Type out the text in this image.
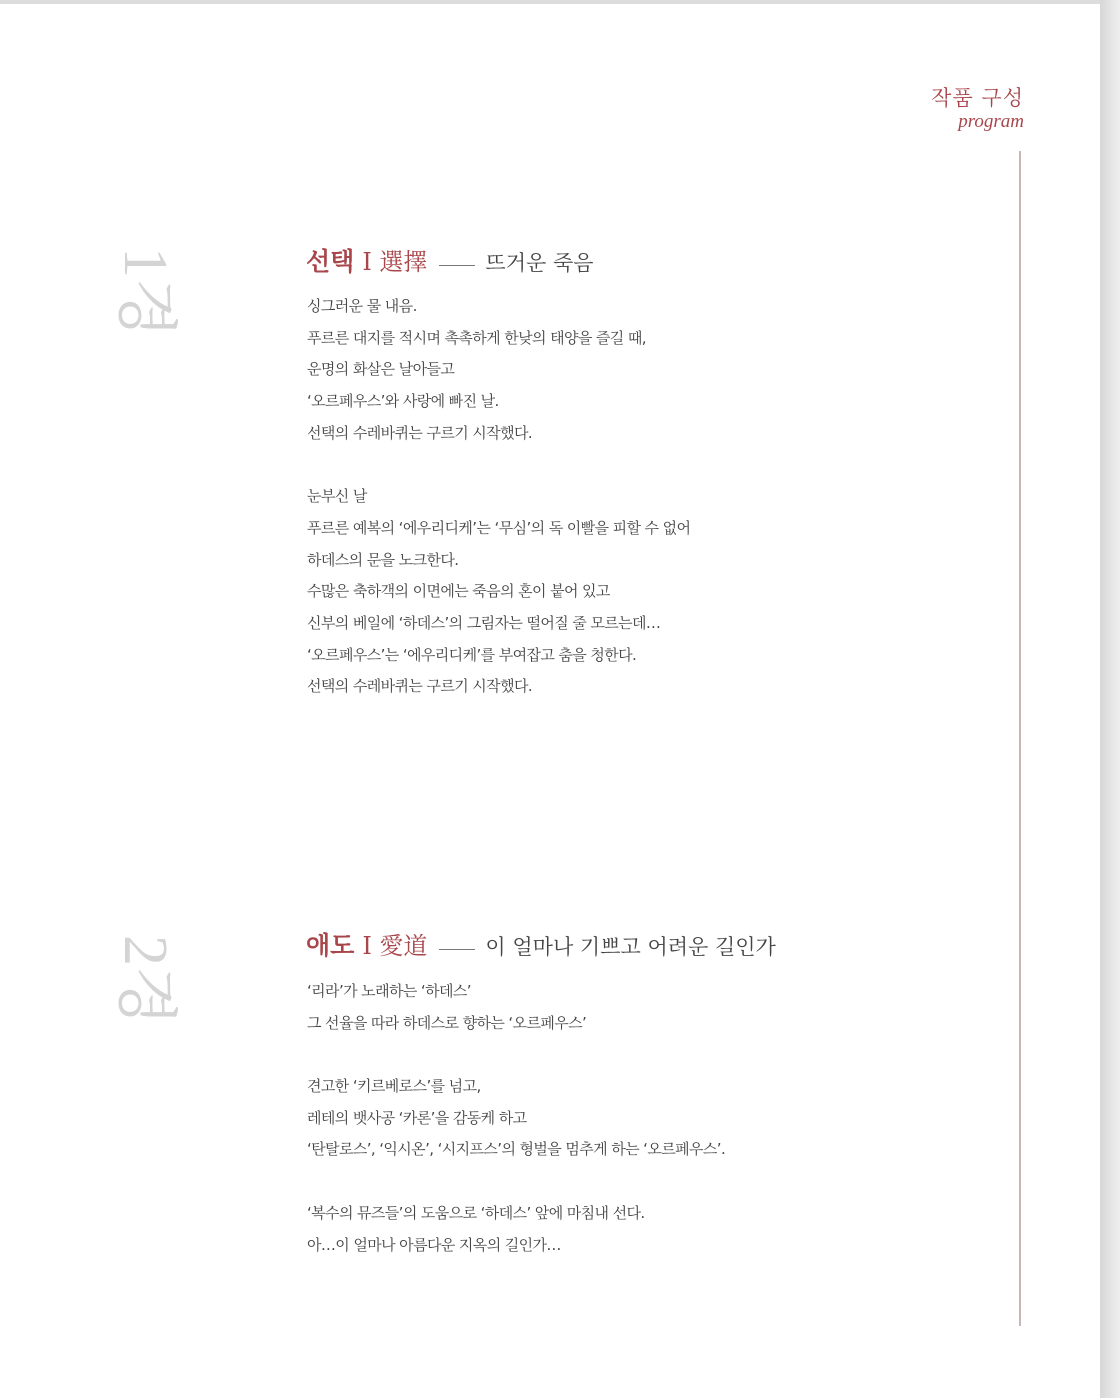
작품 구성
program
1경	선택 I 選擇	뜨거운 죽음
싱그러운 물 내음.
푸르른 대지를 적시며 촉촉하게 한낮의 태양을 즐길 때,
운명의 화살은 날아들고
‘오르페우스’와 사랑에 빠진 날.
선택의 수레바퀴는 구르기 시작했다.
눈부신 날
푸르른 예복의 ‘에우리디케’는 ‘무심’의 독 이빨을 피할 수 없어
하데스의 문을 노크한다.
수많은 축하객의 이면에는 죽음의 혼이 붙어 있고
신부의 베일에 ‘하데스’의 그림자는 떨어질 줄 모르는데…
‘오르페우스’는 ‘에우리디케’를 부여잡고 춤을 청한다.
선택의 수레바퀴는 구르기 시작했다.
2경	애도 I 愛道	이 얼마나 기쁘고 어려운 길인가
‘리라’가 노래하는 ‘하데스’
그 선율을 따라 하데스로 향하는 ‘오르페우스’
견고한 ‘키르베로스’를 넘고,
레테의 뱃사공 ‘카론’을 감동케 하고
‘탄탈로스’, ‘익시온’, ‘시지프스’의 형벌을 멈추게 하는 ‘오르페우스’.
‘복수의 뮤즈들’의 도움으로 ‘하데스’ 앞에 마침내 선다.
아…이 얼마나 아름다운 지옥의 길인가…
